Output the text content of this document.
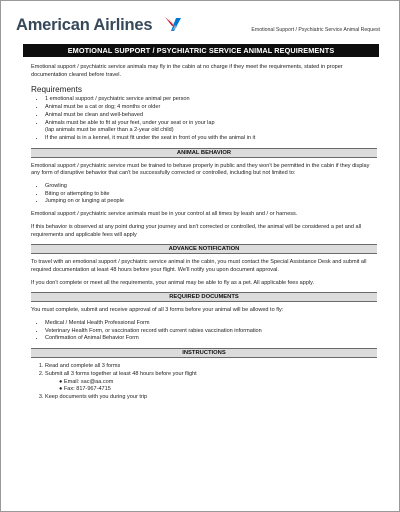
American Airlines	Emotional Support / Psychiatric Service Animal Request
EMOTIONAL SUPPORT / PSYCHIATRIC SERVICE ANIMAL REQUIREMENTS

Emotional support / psychiatric service animals may fly in the cabin at no charge if they meet the requirements, stated in proper documentation cleared before travel.

Requirements
• 1 emotional support / psychiatric service animal per person
• Animal must be a cat or dog; 4 months or older
• Animal must be clean and well-behaved
• Animals must be able to fit at your feet, under your seat or in your lap
(lap animals must be smaller than a 2-year old child)
• If the animal is in a kennel, it must fit under the seat in front of you with the animal in it
ANIMAL BEHAVIOR

Emotional support / psychiatric service must be trained to behave properly in public and they won't be permitted in the cabin if they display any form of disruptive behavior that can't be successfully corrected or controlled, including but not limited to:

• Growling
• Biting or attempting to bite
• Jumping on or lunging at people

Emotional support / psychiatric service animals must be in your control at all times by leash and / or harness.

If this behavior is observed at any point during your journey and isn't corrected or controlled, the animal will be considered a pet and all requirements and applicable fees will apply

ADVANCE NOTIFICATION

To travel with an emotional support / psychiatric service animal in the cabin, you must contact the Special Assistance Desk and submit all required documentation at least 48 hours before your flight. We'll notify you upon document approval.

If you don't complete or meet all the requirements, your animal may be able to fly as a pet. All applicable fees apply.

REQUIRED DOCUMENTS

You must complete, submit and receive approval of all 3 forms before your animal will be allowed to fly:

• Medical / Mental Health Professional Form
• Veterinary Health Form, or vaccination record with current rabies vaccination information
• Confirmation of Animal Behavior Form
INSTRUCTIONS
1. Read and complete all 3 forms
2. Submit all 3 forms together at least 48 hours before your flight
● Email: sac@aa.com
● Fax: 817-967-4715
3. Keep documents with you during your trip
